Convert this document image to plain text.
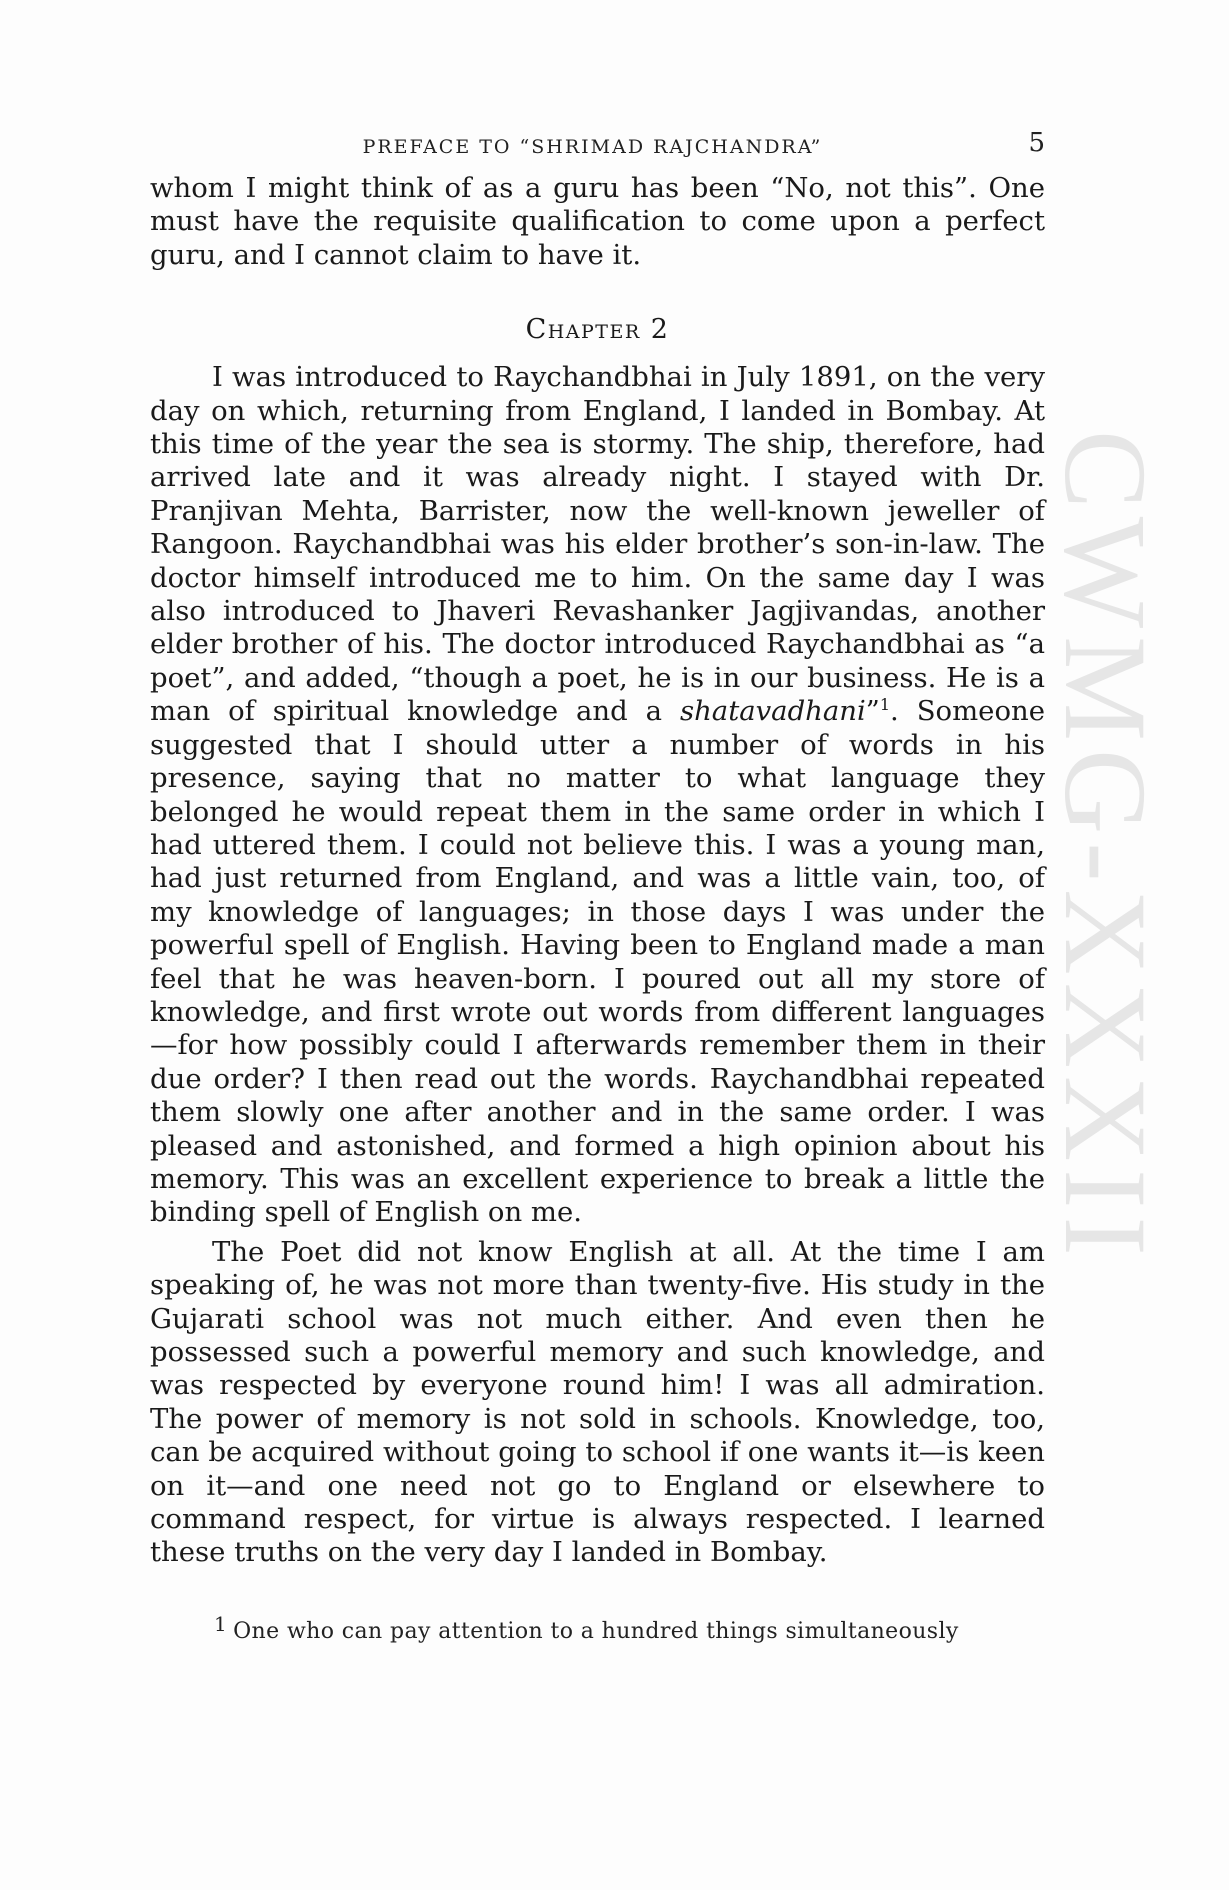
CWMG-XXXII
PREFACE TO “SHRIMAD RAJCHANDRA”	5

whom I might think of as a guru has been “No, not this”. One must have the requisite qualification to come upon a perfect guru, and I cannot claim to have it.

Chapter 2

I was introduced to Raychandbhai in July 1891, on the very day on which, returning from England, I landed in Bombay. At this time of the year the sea is stormy. The ship, therefore, had arrived late and it was already night. I stayed with Dr. Pranjivan Mehta, Barrister, now the well-known jeweller of Rangoon. Raychandbhai was his elder brother’s son-in-law. The doctor himself introduced me to him. On the same day I was also introduced to Jhaveri Revashanker Jagjivandas, another elder brother of his. The doctor introduced Raychandbhai as “a poet”, and added, “though a poet, he is in our business. He is a man of spiritual knowledge and a shatavadhani”$^1$. Someone suggested that I should utter a number of words in his presence, saying that no matter to what language they belonged he would repeat them in the same order in which I had uttered them. I could not believe this. I was a young man, had just returned from England, and was a little vain, too, of my knowledge of languages; in those days I was under the powerful spell of English. Having been to England made a man feel that he was heaven-born. I poured out all my store of knowledge, and first wrote out words from different languages—for how possibly could I afterwards remember them in their due order? I then read out the words. Raychandbhai repeated them slowly one after another and in the same order. I was pleased and astonished, and formed a high opinion about his memory. This was an excellent experience to break a little the binding spell of English on me.

The Poet did not know English at all. At the time I am speaking of, he was not more than twenty-five. His study in the Gujarati school was not much either. And even then he possessed such a powerful memory and such knowledge, and was respected by everyone round him! I was all admiration. The power of memory is not sold in schools. Knowledge, too, can be acquired without going to school if one wants it—is keen on it—and one need not go to England or elsewhere to command respect, for virtue is always respected. I learned these truths on the very day I landed in Bombay.

1 One who can pay attention to a hundred things simultaneously
